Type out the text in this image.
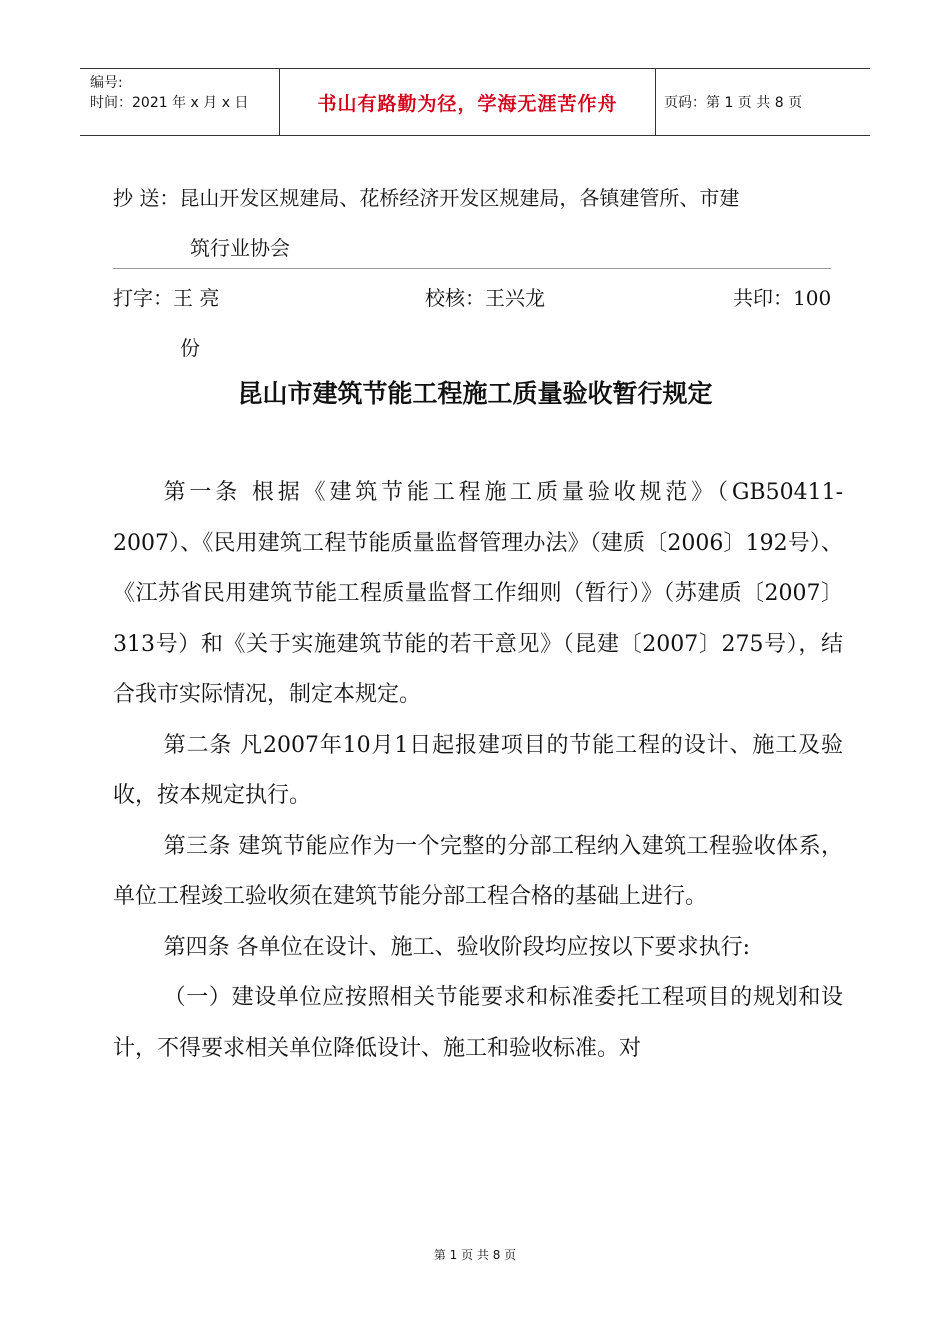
编号:
时间：2021 年 x 月 x 日	书山有路勤为径，学海无涯苦作舟	页码：第 1 页 共 8 页
抄 送：昆山开发区规建局、花桥经济开发区规建局，各镇建管所、市建
筑行业协会
打字：王 亮	校核：王兴龙	共印：100
份
昆山市建筑节能工程施工质量验收暂行规定

第一条 根据《建筑节能工程施工质量验收规范》（GB50411-2007）、《民用建筑工程节能质量监督管理办法》（建质〔2006〕192号）、《江苏省民用建筑节能工程质量监督工作细则（暂行）》（苏建质〔2007〕313号）和《关于实施建筑节能的若干意见》（昆建〔2007〕275号），结合我市实际情况，制定本规定。

第二条 凡2007年10月1日起报建项目的节能工程的设计、施工及验收，按本规定执行。

第三条 建筑节能应作为一个完整的分部工程纳入建筑工程验收体系，单位工程竣工验收须在建筑节能分部工程合格的基础上进行。

第四条 各单位在设计、施工、验收阶段均应按以下要求执行:

（一）建设单位应按照相关节能要求和标准委托工程项目的规划和设计，不得要求相关单位降低设计、施工和验收标准。对

第 1 页 共 8 页
